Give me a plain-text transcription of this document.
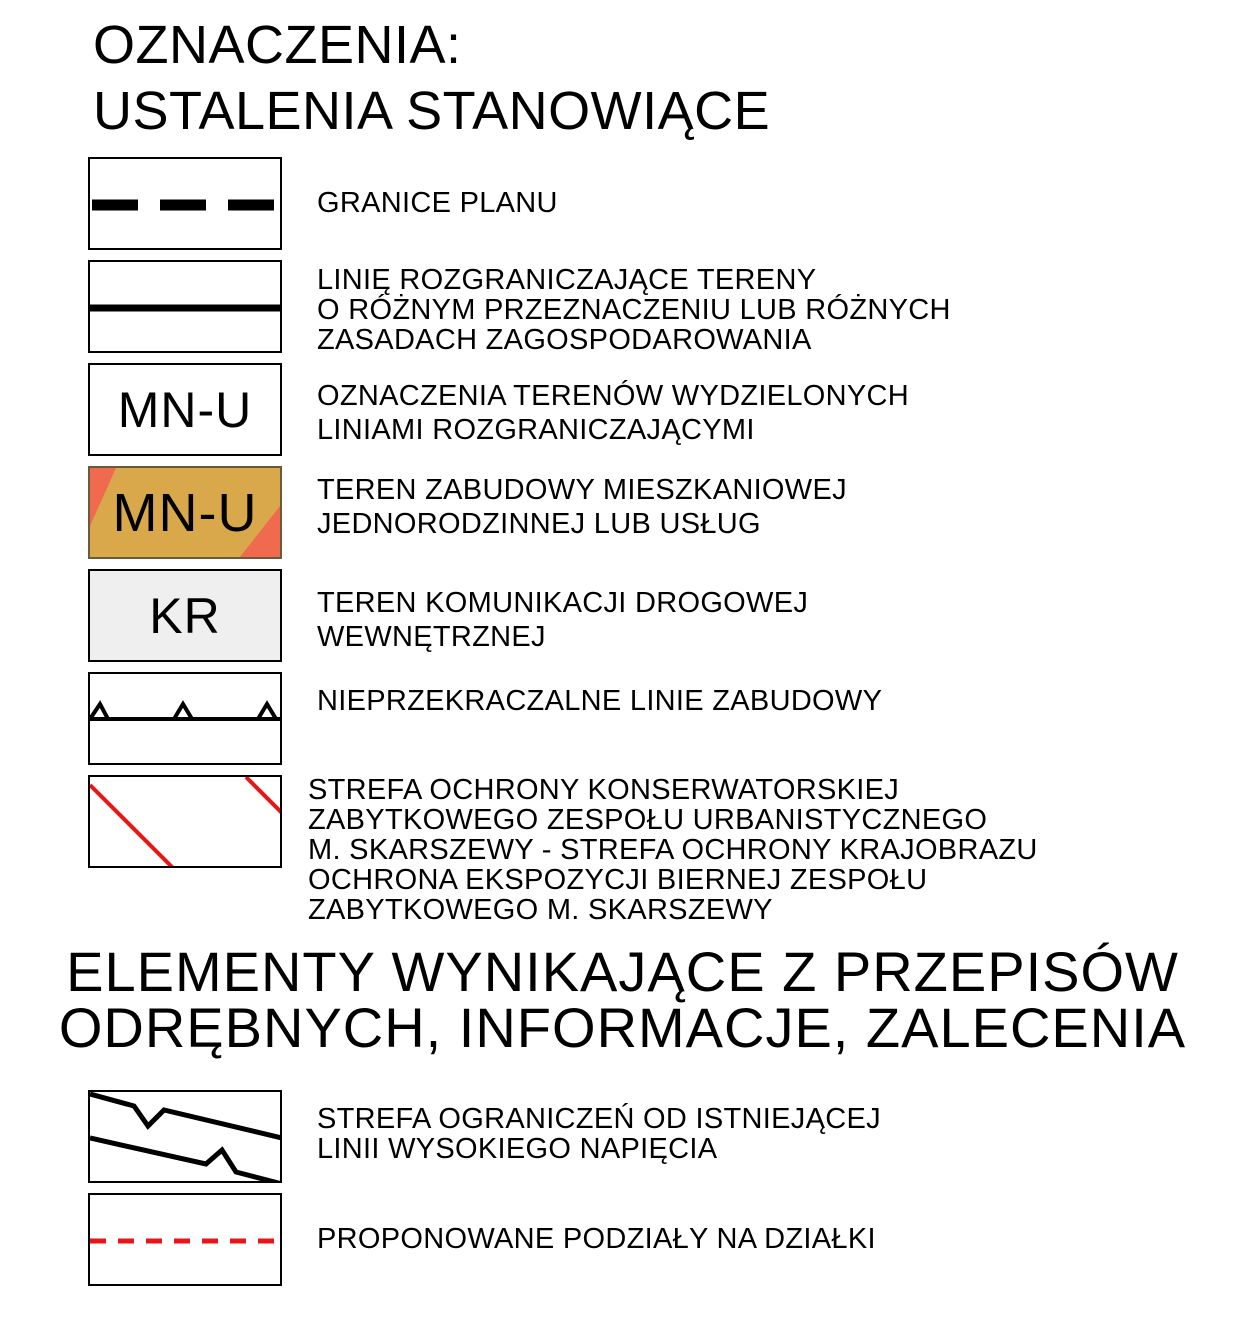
OZNACZENIA:
USTALENIA STANOWIĄCE
GRANICE PLANU
LINIĘ ROZGRANICZAJĄCE TERENY
O RÓŻNYM PRZEZNACZENIU LUB RÓŻNYCH
ZASADACH ZAGOSPODAROWANIA
MN-U	OZNACZENIA TERENÓW WYDZIELONYCH
LINIAMI ROZGRANICZAJĄCYMI
MN-U	TEREN ZABUDOWY MIESZKANIOWEJ
JEDNORODZINNEJ LUB USŁUG
KR	TEREN KOMUNIKACJI DROGOWEJ
WEWNĘTRZNEJ
NIEPRZEKRACZALNE LINIE ZABUDOWY
STREFA OCHRONY KONSERWATORSKIEJ
ZABYTKOWEGO ZESPOŁU URBANISTYCZNEGO
M. SKARSZEWY - STREFA OCHRONY KRAJOBRAZU
OCHRONA EKSPOZYCJI BIERNEJ ZESPOŁU
ZABYTKOWEGO M. SKARSZEWY
ELEMENTY WYNIKAJĄCE Z PRZEPISÓW
ODRĘBNYCH, INFORMACJE, ZALECENIA
STREFA OGRANICZEŃ OD ISTNIEJĄCEJ
LINII WYSOKIEGO NAPIĘCIA
PROPONOWANE PODZIAŁY NA DZIAŁKI
